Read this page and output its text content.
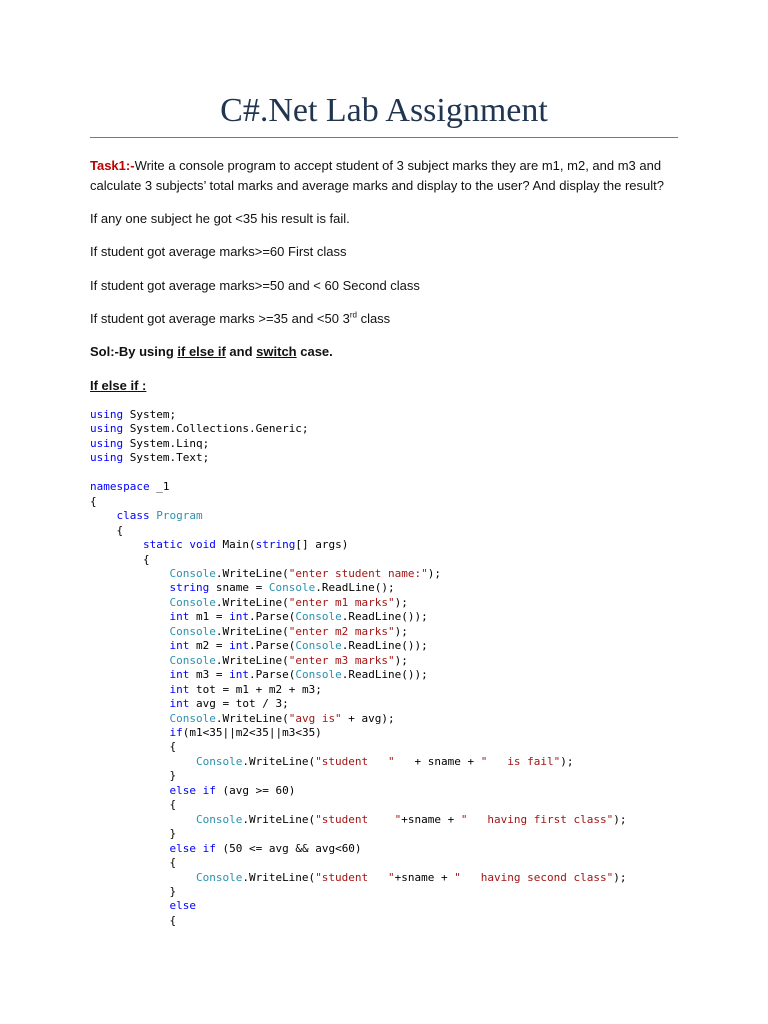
C#.Net Lab Assignment

Task1:-Write a console program to accept student of 3 subject marks they are m1, m2, and m3 and
calculate 3 subjects’ total marks and average marks and display to the user? And display the result?

If any one subject he got <35 his result is fail.

If student got average marks>=60 First class

If student got average marks>=50 and < 60 Second class

If student got average marks >=35 and <50 3rd class

Sol:-By using if else if and switch case.

If else if :

using System;
using System.Collections.Generic;
using System.Linq;
using System.Text;

namespace _1
{
class Program
{
static void Main(string[] args)
{
Console.WriteLine("enter student name:");
string sname = Console.ReadLine();
Console.WriteLine("enter m1 marks");
int m1 = int.Parse(Console.ReadLine());
Console.WriteLine("enter m2 marks");
int m2 = int.Parse(Console.ReadLine());
Console.WriteLine("enter m3 marks");
int m3 = int.Parse(Console.ReadLine());
int tot = m1 + m2 + m3;
int avg = tot / 3;
Console.WriteLine("avg is" + avg);
if(m1<35||m2<35||m3<35)
{
Console.WriteLine("student   "   + sname + "   is fail");
}
else if (avg >= 60)
{
Console.WriteLine("student    "+sname + "   having first class");
}
else if (50 <= avg && avg<60)
{
Console.WriteLine("student   "+sname + "   having second class");
}
else
{
